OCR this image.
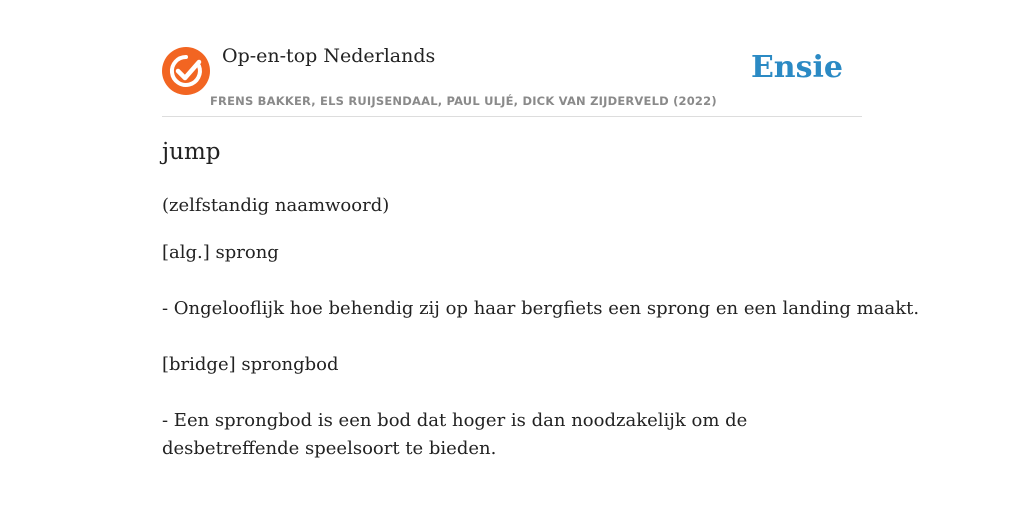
Op-en-top Nederlands
FRENS BAKKER, ELS RUIJSENDAAL, PAUL ULJÉ, DICK VAN ZIJDERVELD (2022)
Ensie
jump
(zelfstandig naamwoord)
[alg.] sprong
- Ongelooflijk hoe behendig zij op haar bergfiets een sprong en een landing maakt.
[bridge] sprongbod
- Een sprongbod is een bod dat hoger is dan noodzakelijk om de desbetreffende speelsoort te bieden.
